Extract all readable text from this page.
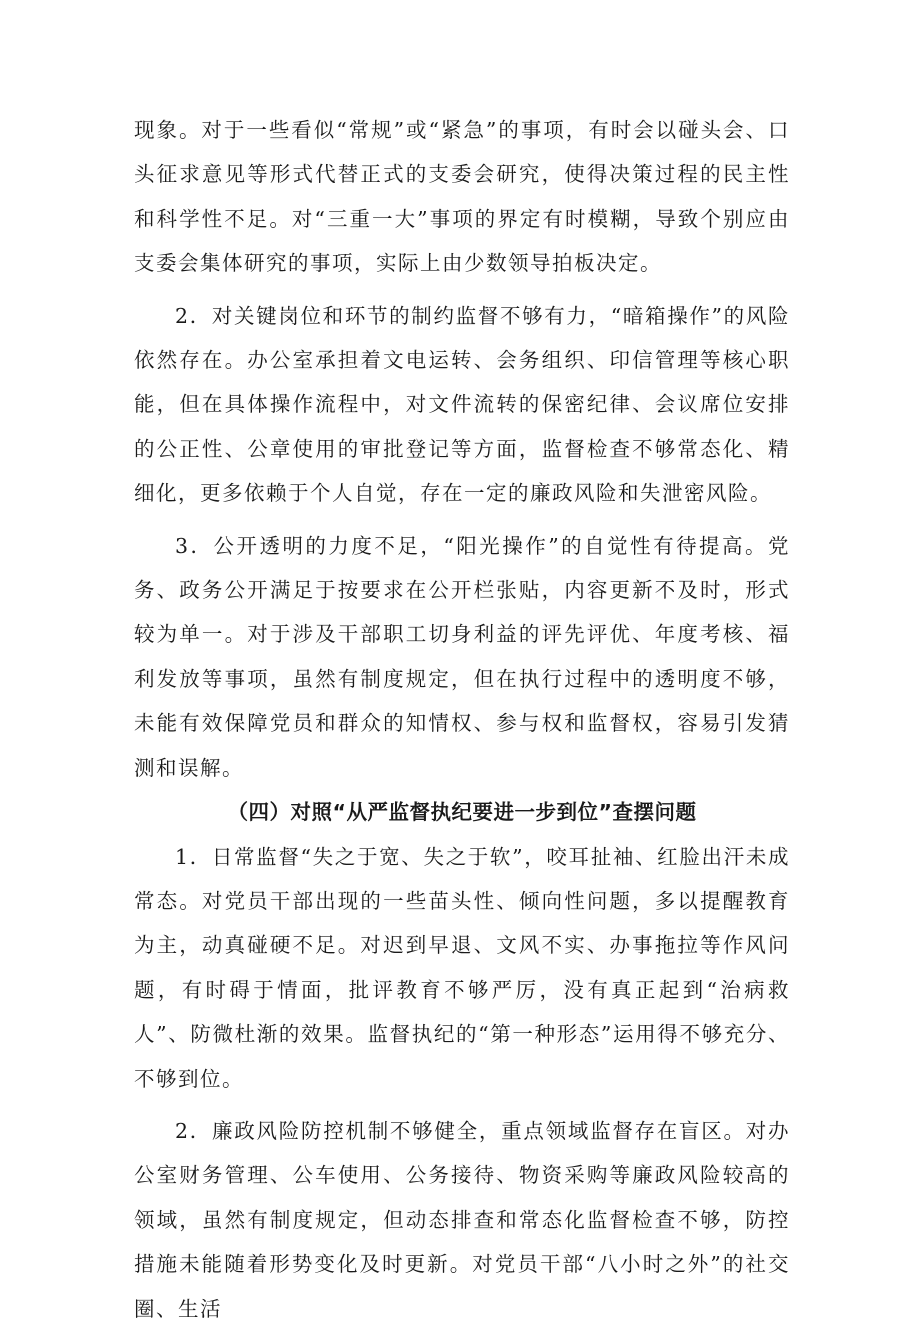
现象。对于一些看似“常规”或“紧急”的事项，有时会以碰头会、口头征求意见等形式代替正式的支委会研究，使得决策过程的民主性和科学性不足。对“三重一大”事项的界定有时模糊，导致个别应由支委会集体研究的事项，实际上由少数领导拍板决定。

2．对关键岗位和环节的制约监督不够有力，“暗箱操作”的风险依然存在。办公室承担着文电运转、会务组织、印信管理等核心职能，但在具体操作流程中，对文件流转的保密纪律、会议席位安排的公正性、公章使用的审批登记等方面，监督检查不够常态化、精细化，更多依赖于个人自觉，存在一定的廉政风险和失泄密风险。

3．公开透明的力度不足，“阳光操作”的自觉性有待提高。党务、政务公开满足于按要求在公开栏张贴，内容更新不及时，形式较为单一。对于涉及干部职工切身利益的评先评优、年度考核、福利发放等事项，虽然有制度规定，但在执行过程中的透明度不够，未能有效保障党员和群众的知情权、参与权和监督权，容易引发猜测和误解。

（四）对照“从严监督执纪要进一步到位”查摆问题

1．日常监督“失之于宽、失之于软”，咬耳扯袖、红脸出汗未成常态。对党员干部出现的一些苗头性、倾向性问题，多以提醒教育为主，动真碰硬不足。对迟到早退、文风不实、办事拖拉等作风问题，有时碍于情面，批评教育不够严厉，没有真正起到“治病救人”、防微杜渐的效果。监督执纪的“第一种形态”运用得不够充分、不够到位。

2．廉政风险防控机制不够健全，重点领域监督存在盲区。对办公室财务管理、公车使用、公务接待、物资采购等廉政风险较高的领域，虽然有制度规定，但动态排查和常态化监督检查不够，防控措施未能随着形势变化及时更新。对党员干部“八小时之外”的社交圈、生活
